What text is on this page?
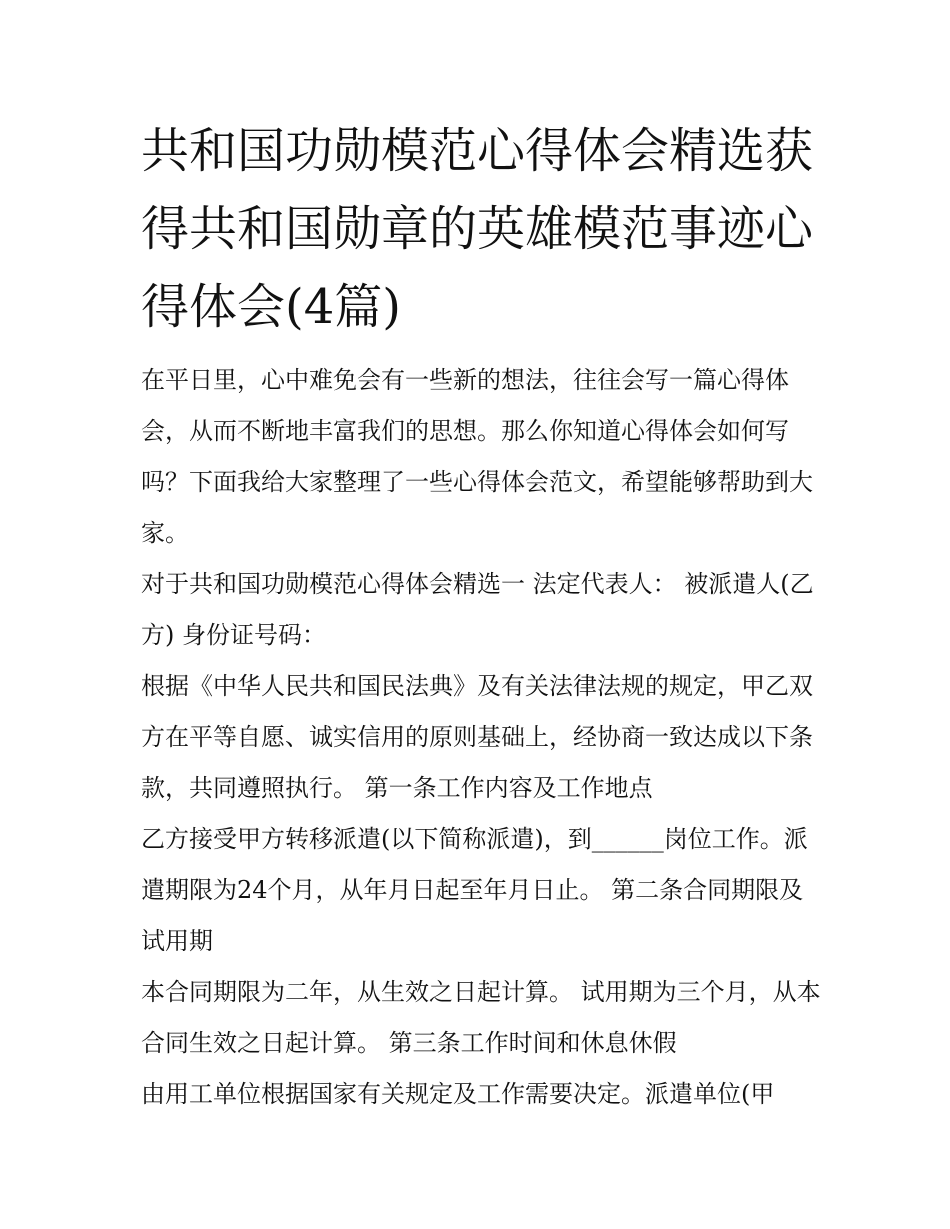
共和国功勋模范心得体会精选获得共和国勋章的英雄模范事迹心得体会(4篇)

在平日里，心中难免会有一些新的想法，往往会写一篇心得体会，从而不断地丰富我们的思想。那么你知道心得体会如何写吗？下面我给大家整理了一些心得体会范文，希望能够帮助到大家。

对于共和国功勋模范心得体会精选一 法定代表人： 被派遣人(乙方) 身份证号码：

根据《中华人民共和国民法典》及有关法律法规的规定，甲乙双方在平等自愿、诚实信用的原则基础上，经协商一致达成以下条款，共同遵照执行。 第一条工作内容及工作地点

乙方接受甲方转移派遣(以下简称派遣)，到______岗位工作。派遣期限为24个月，从年月日起至年月日止。 第二条合同期限及试用期

本合同期限为二年，从生效之日起计算。 试用期为三个月，从本合同生效之日起计算。 第三条工作时间和休息休假

由用工单位根据国家有关规定及工作需要决定。派遣单位(甲
